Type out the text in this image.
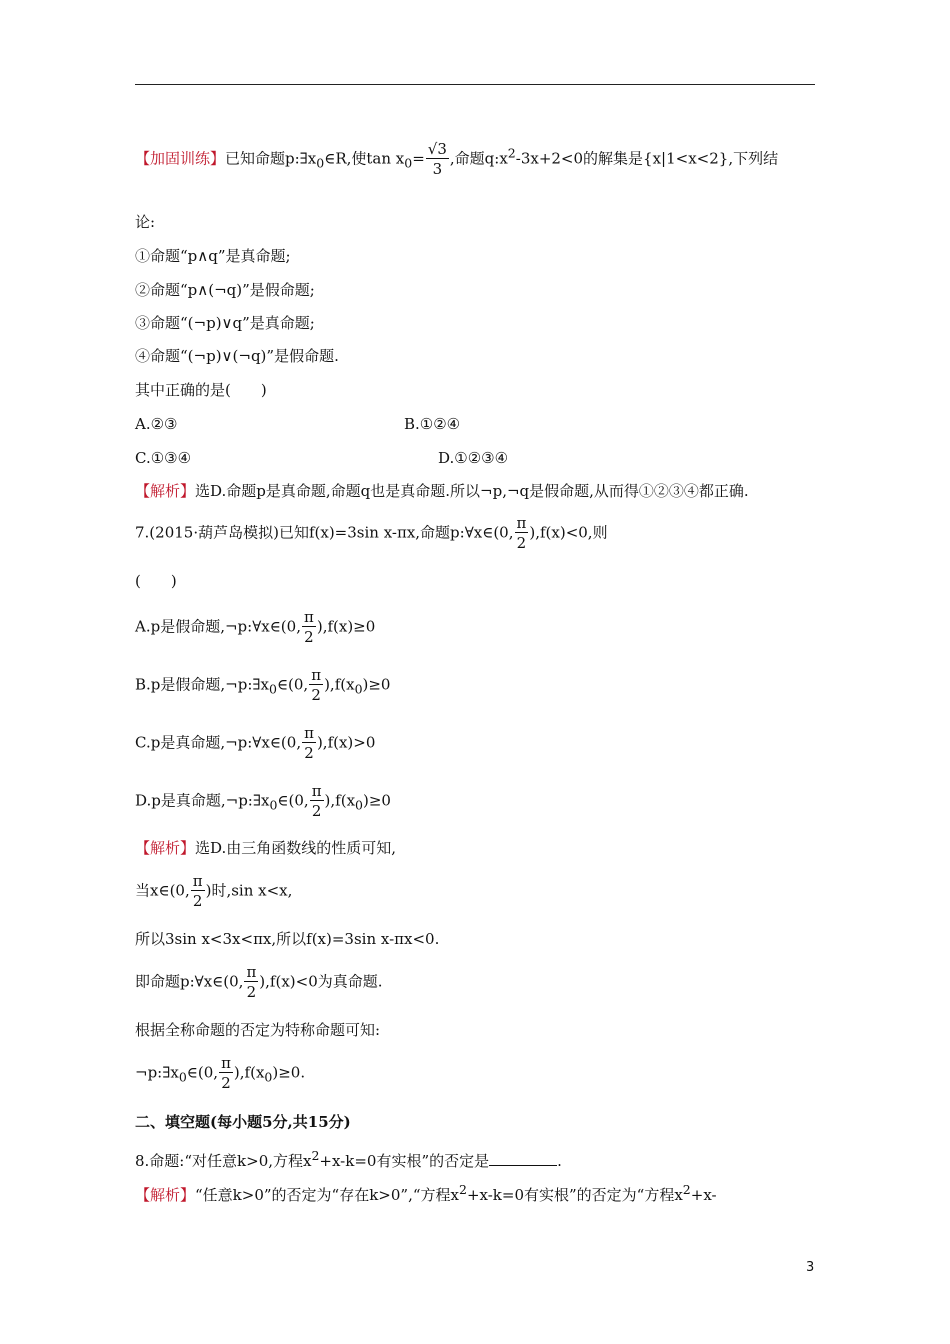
【加固训练】已知命题$p:\exists x_0\in R$,使$\tan x_0= \frac{√3}{3}$ ,命题$q:x^2-3x+2<0$的解集是{x|1<x<2},下列结
论:
①命题“p∧q”是真命题;
②命题“p∧(¬q)”是假命题;
③命题“(¬p)∨q”是真命题;
④命题“(¬p)∨(¬q)”是假命题.
其中正确的是(　　)
A.②③	B.①②④
C.①③④	D.①②③④
【解析】选D.命题p是真命题,命题q也是真命题.所以¬p,¬q是假命题,从而得①②③④都正确.
7.(2015·葫芦岛模拟)已知f(x)=3sin x-πx,命题p:∀x∈(0, $\frac{\pi}{2} ),f(x)<0$,则
(　　)
A.p是假命题,¬p:∀x∈(0, $\frac{\pi}{2} ),f(x)\ge 0$
B.p是假命题$,\neg p:\exists x_0\in(0$, $\frac{\pi}{2} ),f(x_0)\ge 0$
C.p是真命题,¬p:∀x∈(0, $\frac{\pi}{2} ),f(x)>0$
D.p是真命题$,\neg p:\exists x_0\in(0$, $\frac{\pi}{2} ),f(x_0)\ge 0$
【解析】选D.由三角函数线的性质可知,
当x∈(0, $\frac{\pi}{2}$ )时,sin x<x,
所以3sin x<3x<πx,所以f(x)=3sin x-πx<0.
即命题p:∀x∈(0, $\frac{\pi}{2} ),f(x)<0$为真命题.
根据全称命题的否定为特称命题可知:
$\neg p:\exists x_0\in(0$, $\frac{\pi}{2} ),f(x_0)\ge 0$.
二、填空题(每小题5分,共15分)
8.命题:“对任意k>0,方程$x^2+x-k=0$有实根”的否定是	.
【解析】“任意k>0”的否定为“存在k>0”,“方程$x^2+x-k=0$有实根”的否定为“方程$x^2+x-$
3
